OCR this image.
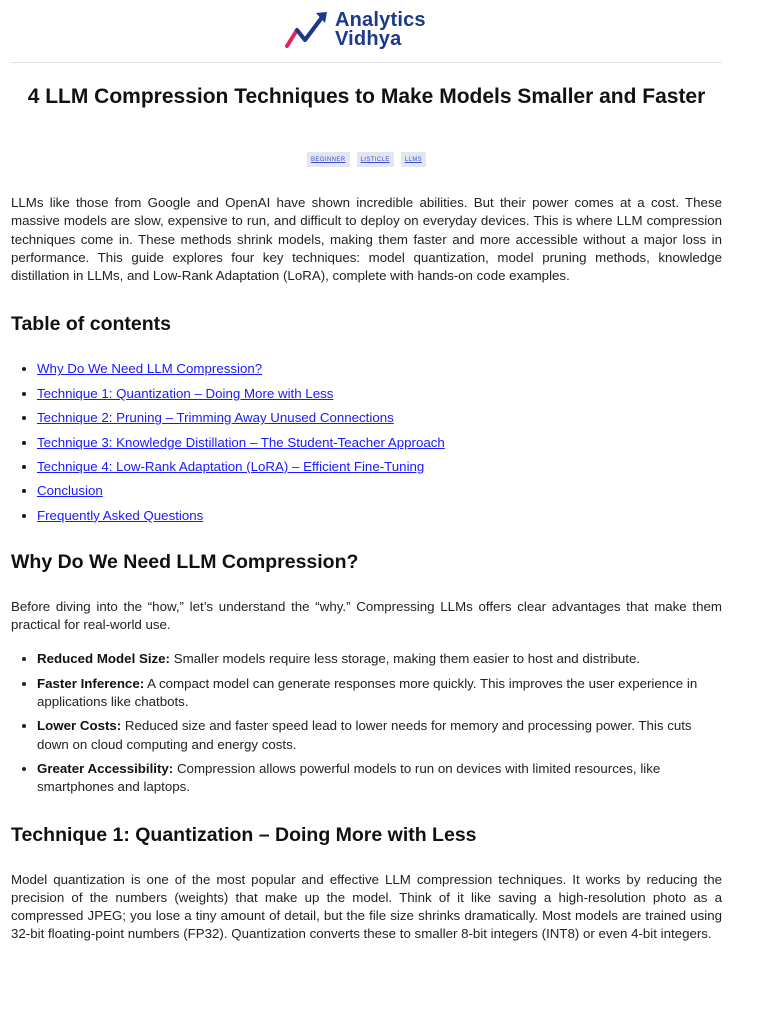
Analytics
Vidhya
4 LLM Compression Techniques to Make Models Smaller and Faster
BEGINNER	LISTICLE	LLMS

LLMs like those from Google and OpenAI have shown incredible abilities. But their power comes at a cost. These massive models are slow, expensive to run, and difficult to deploy on everyday devices. This is where LLM compression techniques come in. These methods shrink models, making them faster and more accessible without a major loss in performance. This guide explores four key techniques: model quantization, model pruning methods, knowledge distillation in LLMs, and Low-Rank Adaptation (LoRA), complete with hands-on code examples.

Table of contents
• Why Do We Need LLM Compression?
• Technique 1: Quantization – Doing More with Less
• Technique 2: Pruning – Trimming Away Unused Connections
• Technique 3: Knowledge Distillation – The Student-Teacher Approach
• Technique 4: Low-Rank Adaptation (LoRA) – Efficient Fine-Tuning
• Conclusion
• Frequently Asked Questions
Why Do We Need LLM Compression?

Before diving into the “how,” let’s understand the “why.” Compressing LLMs offers clear advantages that make them practical for real-world use.

• Reduced Model Size: Smaller models require less storage, making them easier to host and distribute.
• Faster Inference: A compact model can generate responses more quickly. This improves the user experience in applications like chatbots.
• Lower Costs: Reduced size and faster speed lead to lower needs for memory and processing power. This cuts down on cloud computing and energy costs.
• Greater Accessibility: Compression allows powerful models to run on devices with limited resources, like smartphones and laptops.
Technique 1: Quantization – Doing More with Less

Model quantization is one of the most popular and effective LLM compression techniques. It works by reducing the precision of the numbers (weights) that make up the model. Think of it like saving a high-resolution photo as a compressed JPEG; you lose a tiny amount of detail, but the file size shrinks dramatically. Most models are trained using 32-bit floating-point numbers (FP32). Quantization converts these to smaller 8-bit integers (INT8) or even 4-bit integers.
